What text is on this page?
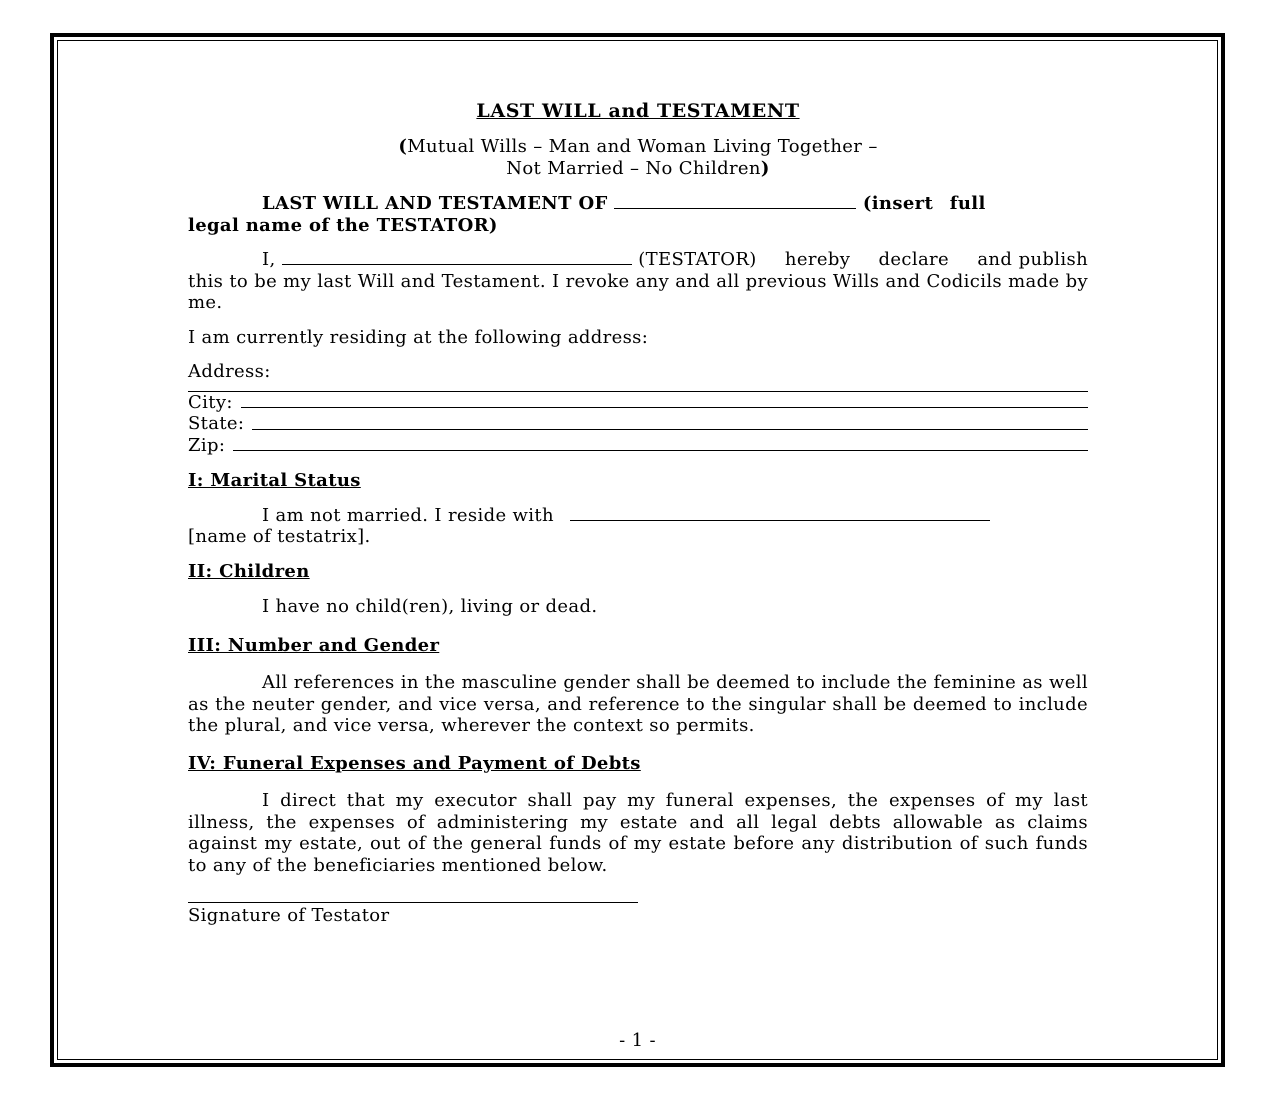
LAST WILL and TESTAMENT

(Mutual Wills – Man and Woman Living Together –
Not Married – No Children)

LAST WILL AND TESTAMENT OF	(insert full
legal name of the TESTATOR)

I,	(TESTATOR) hereby declare and publish this to be my last Will and Testament. I revoke any and all previous Wills and Codicils made by me.

I am currently residing at the following address:

Address:

City:
State:
Zip:

I: Marital Status

I am not married. I reside with
[name of testatrix].

II: Children

I have no child(ren), living or dead.

III: Number and Gender

All references in the masculine gender shall be deemed to include the feminine as well as the neuter gender, and vice versa, and reference to the singular shall be deemed to include the plural, and vice versa, wherever the context so permits.

IV: Funeral Expenses and Payment of Debts

I direct that my executor shall pay my funeral expenses, the expenses of my last illness, the expenses of administering my estate and all legal debts allowable as claims against my estate, out of the general funds of my estate before any distribution of such funds to any of the beneficiaries mentioned below.

Signature of Testator

- 1 -
